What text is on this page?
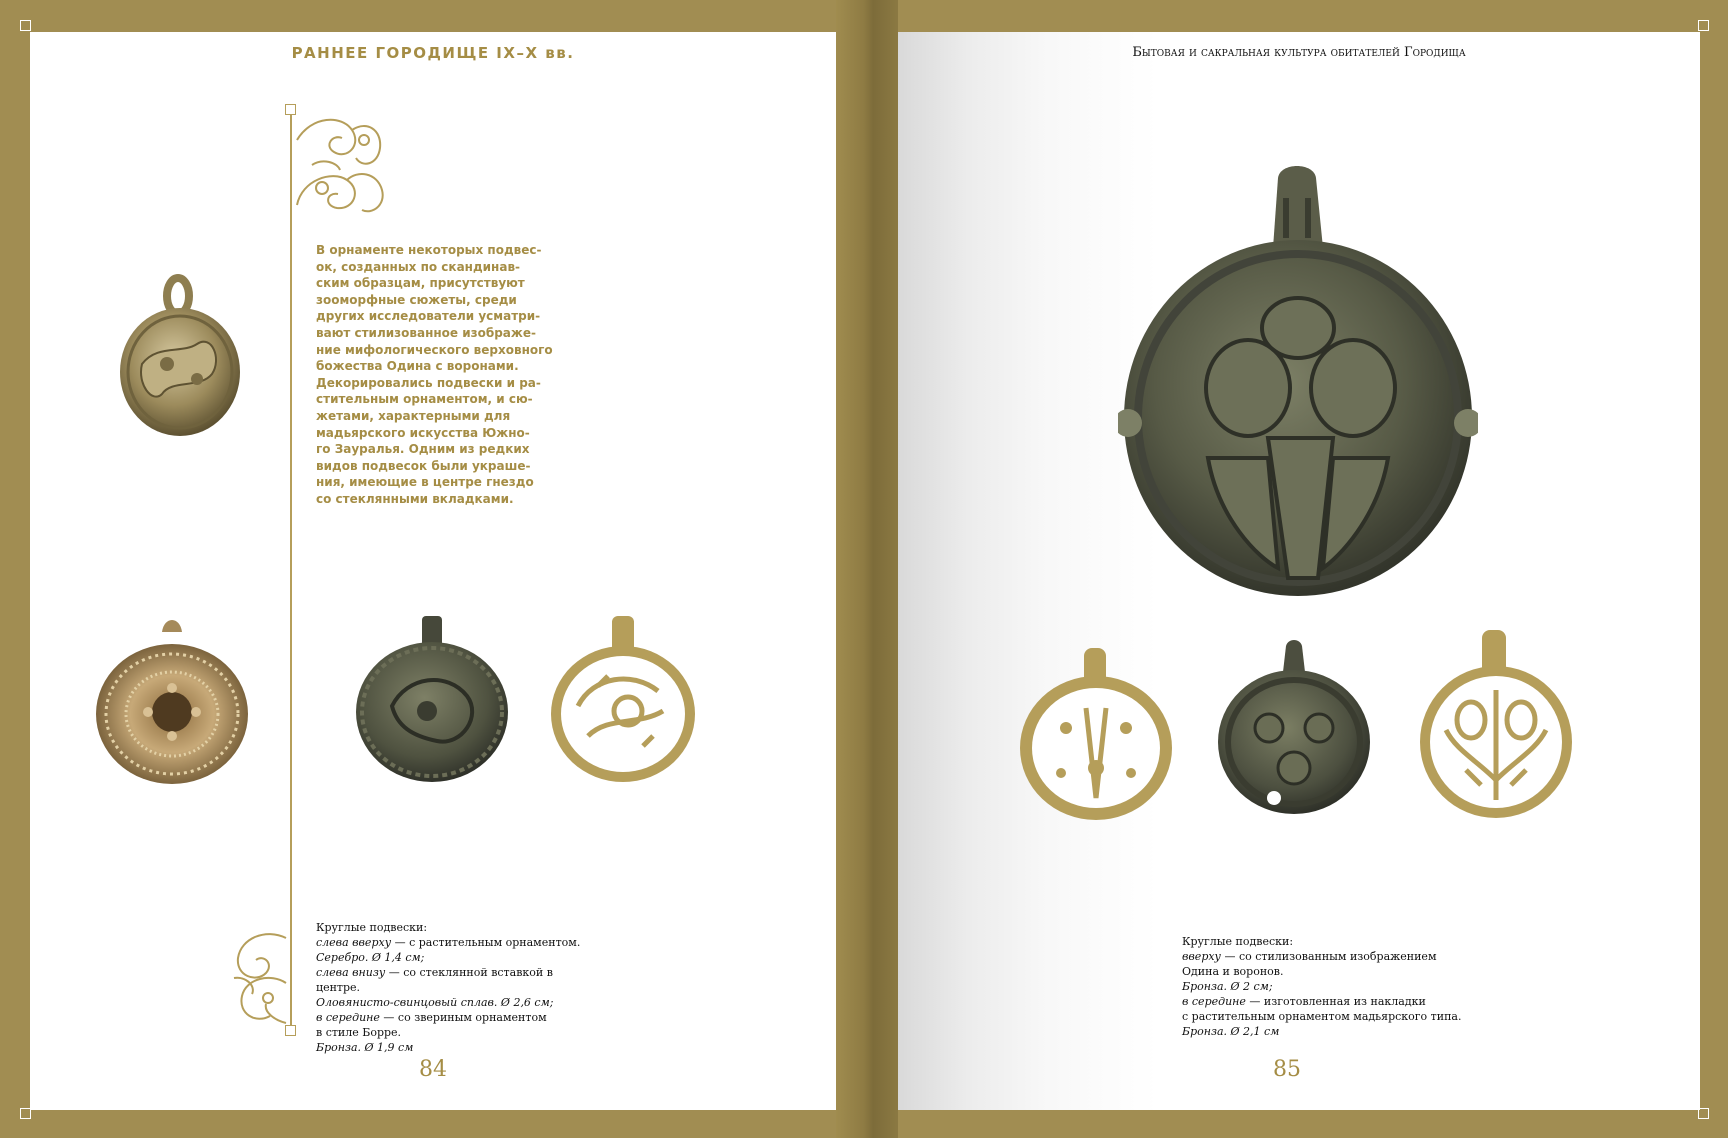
РАННЕЕ ГОРОДИЩЕ IX–X вв.

В орнаменте некоторых подвес-
ок, созданных по скандинав-
ским образцам, присутствуют
зооморфные сюжеты, среди
других исследователи усматри-
вают стилизованное изображе-
ние мифологического верховного
божества Одина с воронами.
Декорировались подвески и ра-
стительным орнаментом, и сю-
жетами, характерными для
мадьярского искусства Южно-
го Зауралья. Одним из редких
видов подвесок были украше-
ния, имеющие в центре гнездо
со стеклянными вкладками.

Круглые подвески:
слева вверху — с растительным орнаментом.
Серебро. Ø 1,4 см;
слева внизу — со стеклянной вставкой в центре.
Оловянисто-свинцовый сплав. Ø 2,6 см;
в середине — со звериным орнаментом
в стиле Борре.
Бронза. Ø 1,9 см
84
Бытовая и сакральная культура обитателей Городища
Круглые подвески:
вверху — со стилизованным изображением
Одина и воронов.
Бронза. Ø 2 см;
в середине — изготовленная из накладки
с растительным орнаментом мадьярского типа.
Бронза. Ø 2,1 см
85
